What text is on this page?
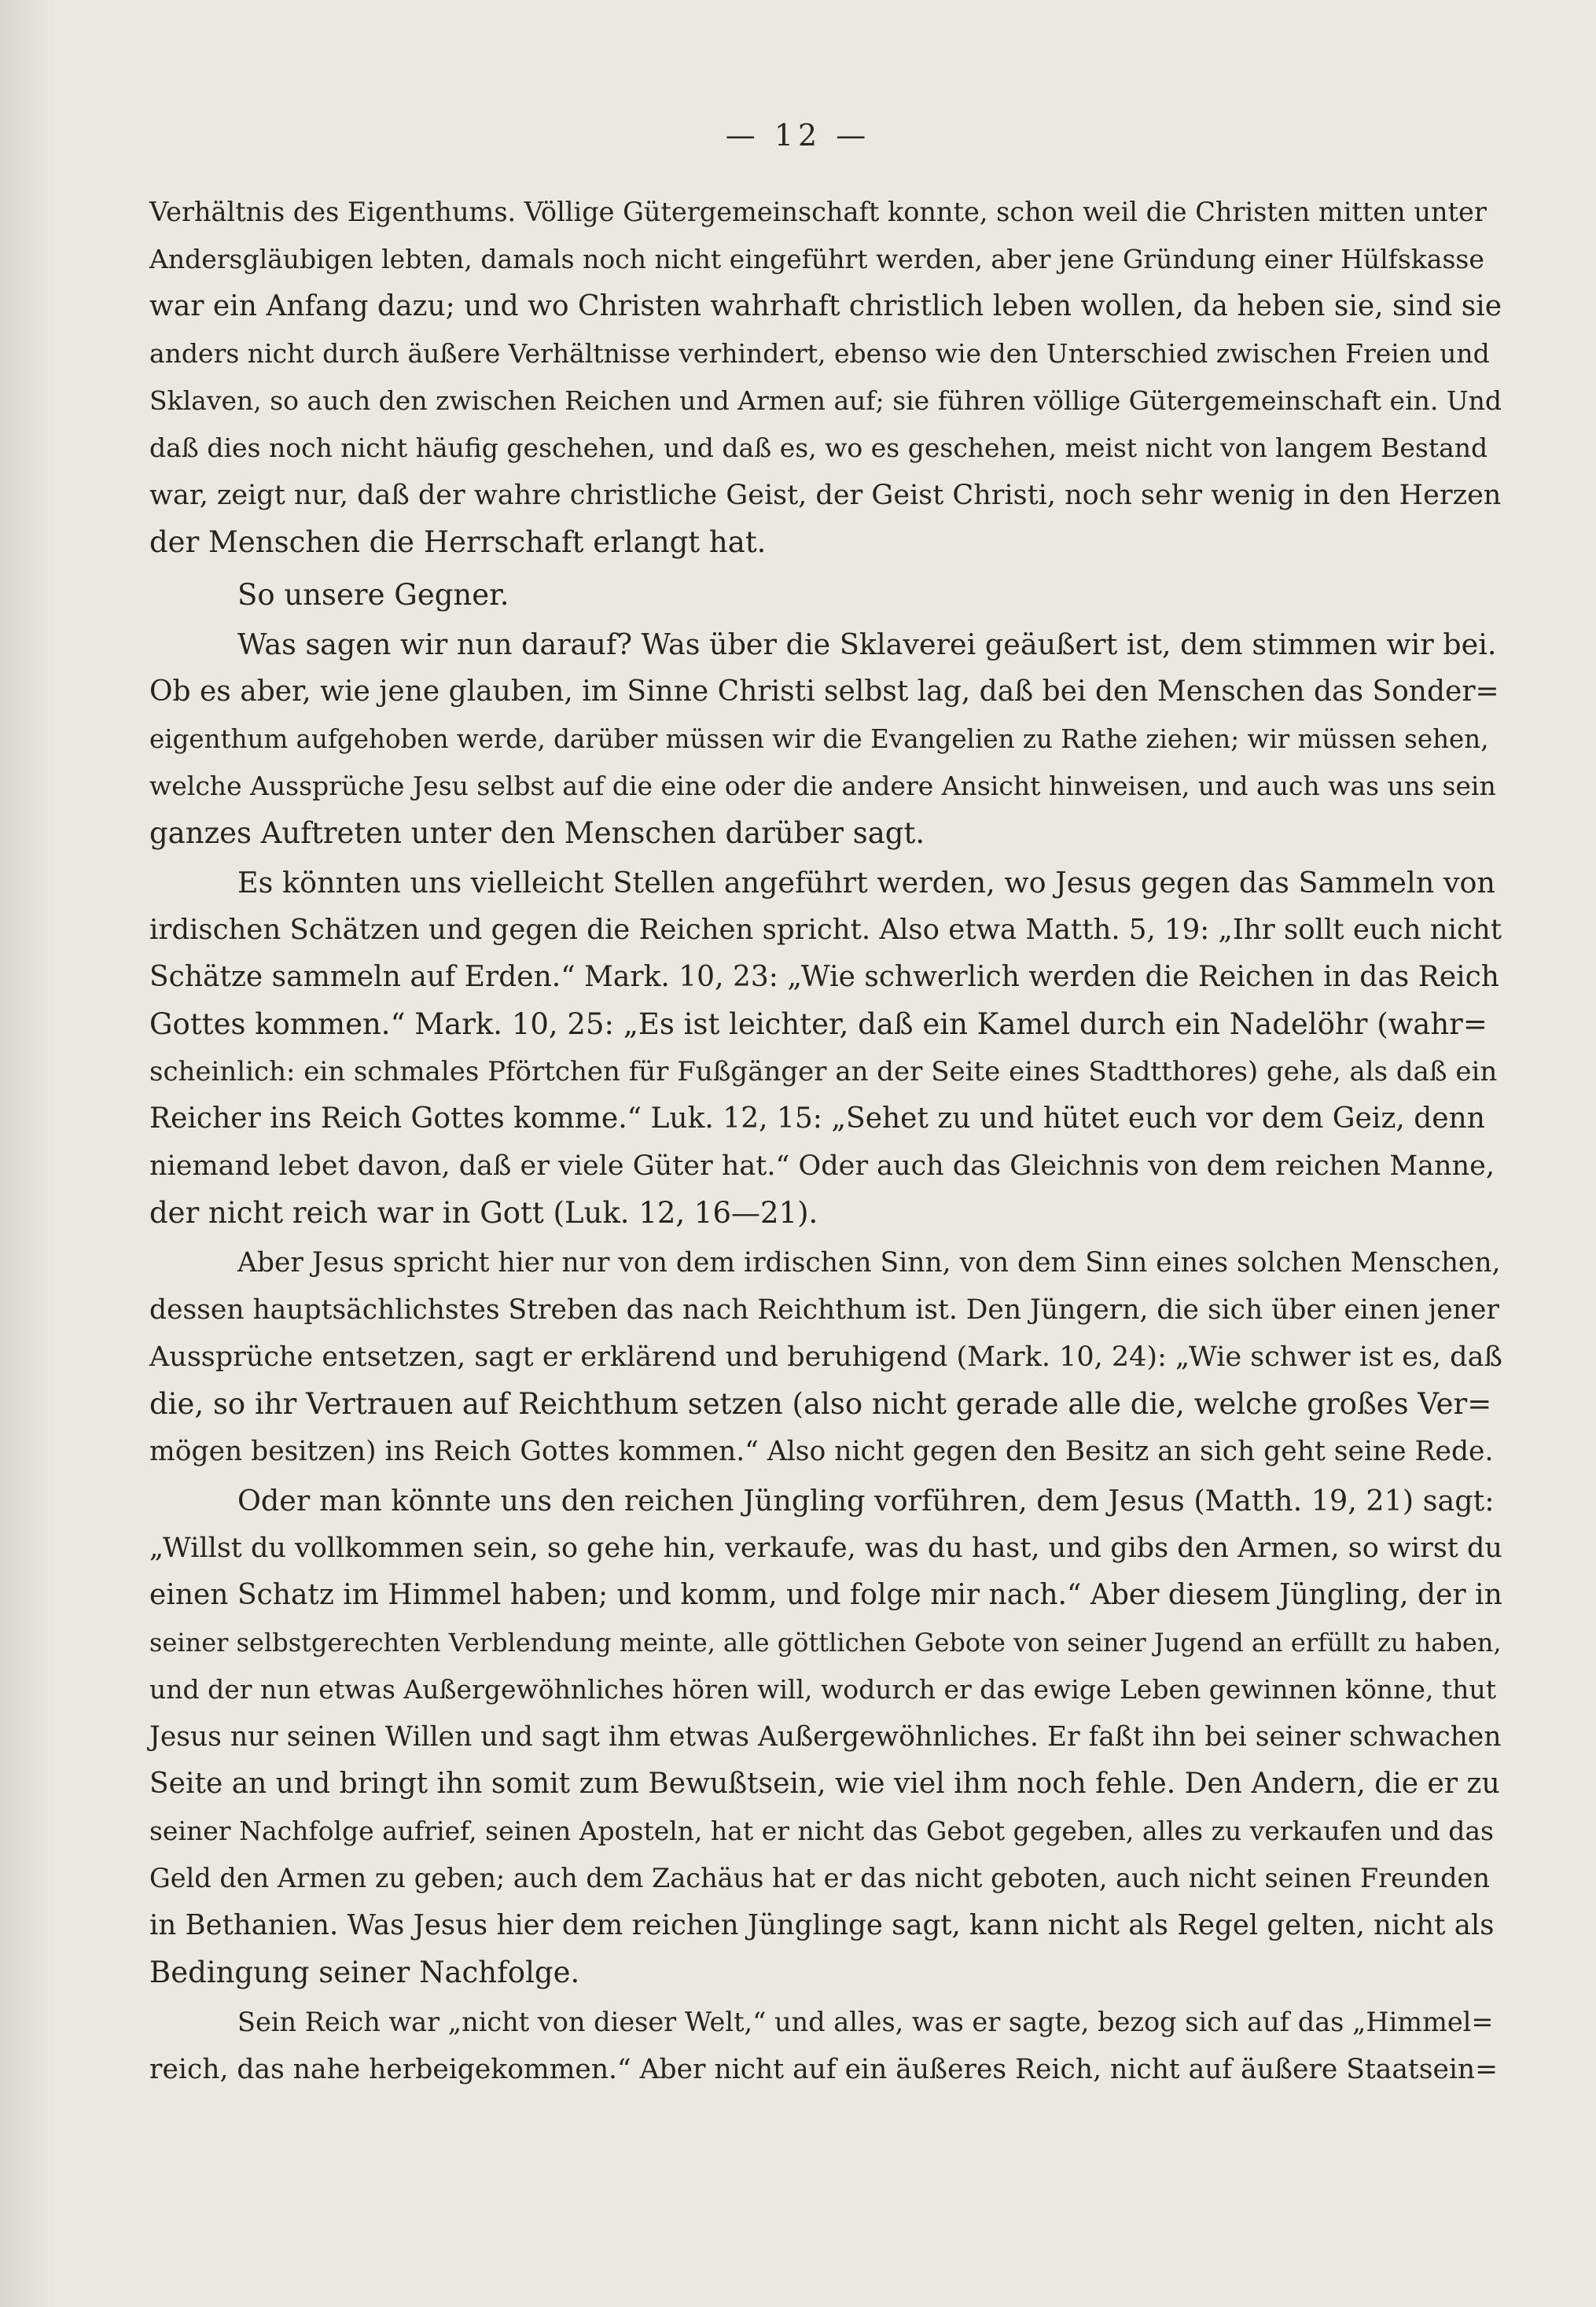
— 12 —
Verhältnis des Eigenthums. Völlige Gütergemeinschaft konnte, schon weil die Christen mitten unter
Andersgläubigen lebten, damals noch nicht eingeführt werden, aber jene Gründung einer Hülfskasse
war ein Anfang dazu; und wo Christen wahrhaft christlich leben wollen, da heben sie, sind sie
anders nicht durch äußere Verhältnisse verhindert, ebenso wie den Unterschied zwischen Freien und
Sklaven, so auch den zwischen Reichen und Armen auf; sie führen völlige Gütergemeinschaft ein. Und
daß dies noch nicht häufig geschehen, und daß es, wo es geschehen, meist nicht von langem Bestand
war, zeigt nur, daß der wahre christliche Geist, der Geist Christi, noch sehr wenig in den Herzen
der Menschen die Herrschaft erlangt hat.
So unsere Gegner.
Was sagen wir nun darauf? Was über die Sklaverei geäußert ist, dem stimmen wir bei.
Ob es aber, wie jene glauben, im Sinne Christi selbst lag, daß bei den Menschen das Sonder=
eigenthum aufgehoben werde, darüber müssen wir die Evangelien zu Rathe ziehen; wir müssen sehen,
welche Aussprüche Jesu selbst auf die eine oder die andere Ansicht hinweisen, und auch was uns sein
ganzes Auftreten unter den Menschen darüber sagt.
Es könnten uns vielleicht Stellen angeführt werden, wo Jesus gegen das Sammeln von
irdischen Schätzen und gegen die Reichen spricht. Also etwa Matth. 5, 19: „Ihr sollt euch nicht
Schätze sammeln auf Erden.“ Mark. 10, 23: „Wie schwerlich werden die Reichen in das Reich
Gottes kommen.“ Mark. 10, 25: „Es ist leichter, daß ein Kamel durch ein Nadelöhr (wahr=
scheinlich: ein schmales Pförtchen für Fußgänger an der Seite eines Stadtthores) gehe, als daß ein
Reicher ins Reich Gottes komme.“ Luk. 12, 15: „Sehet zu und hütet euch vor dem Geiz, denn
niemand lebet davon, daß er viele Güter hat.“ Oder auch das Gleichnis von dem reichen Manne,
der nicht reich war in Gott (Luk. 12, 16—21).
Aber Jesus spricht hier nur von dem irdischen Sinn, von dem Sinn eines solchen Menschen,
dessen hauptsächlichstes Streben das nach Reichthum ist. Den Jüngern, die sich über einen jener
Aussprüche entsetzen, sagt er erklärend und beruhigend (Mark. 10, 24): „Wie schwer ist es, daß
die, so ihr Vertrauen auf Reichthum setzen (also nicht gerade alle die, welche großes Ver=
mögen besitzen) ins Reich Gottes kommen.“ Also nicht gegen den Besitz an sich geht seine Rede.
Oder man könnte uns den reichen Jüngling vorführen, dem Jesus (Matth. 19, 21) sagt:
„Willst du vollkommen sein, so gehe hin, verkaufe, was du hast, und gibs den Armen, so wirst du
einen Schatz im Himmel haben; und komm, und folge mir nach.“ Aber diesem Jüngling, der in
seiner selbstgerechten Verblendung meinte, alle göttlichen Gebote von seiner Jugend an erfüllt zu haben,
und der nun etwas Außergewöhnliches hören will, wodurch er das ewige Leben gewinnen könne, thut
Jesus nur seinen Willen und sagt ihm etwas Außergewöhnliches. Er faßt ihn bei seiner schwachen
Seite an und bringt ihn somit zum Bewußtsein, wie viel ihm noch fehle. Den Andern, die er zu
seiner Nachfolge aufrief, seinen Aposteln, hat er nicht das Gebot gegeben, alles zu verkaufen und das
Geld den Armen zu geben; auch dem Zachäus hat er das nicht geboten, auch nicht seinen Freunden
in Bethanien. Was Jesus hier dem reichen Jünglinge sagt, kann nicht als Regel gelten, nicht als
Bedingung seiner Nachfolge.
Sein Reich war „nicht von dieser Welt,“ und alles, was er sagte, bezog sich auf das „Himmel=
reich, das nahe herbeigekommen.“ Aber nicht auf ein äußeres Reich, nicht auf äußere Staatsein=
